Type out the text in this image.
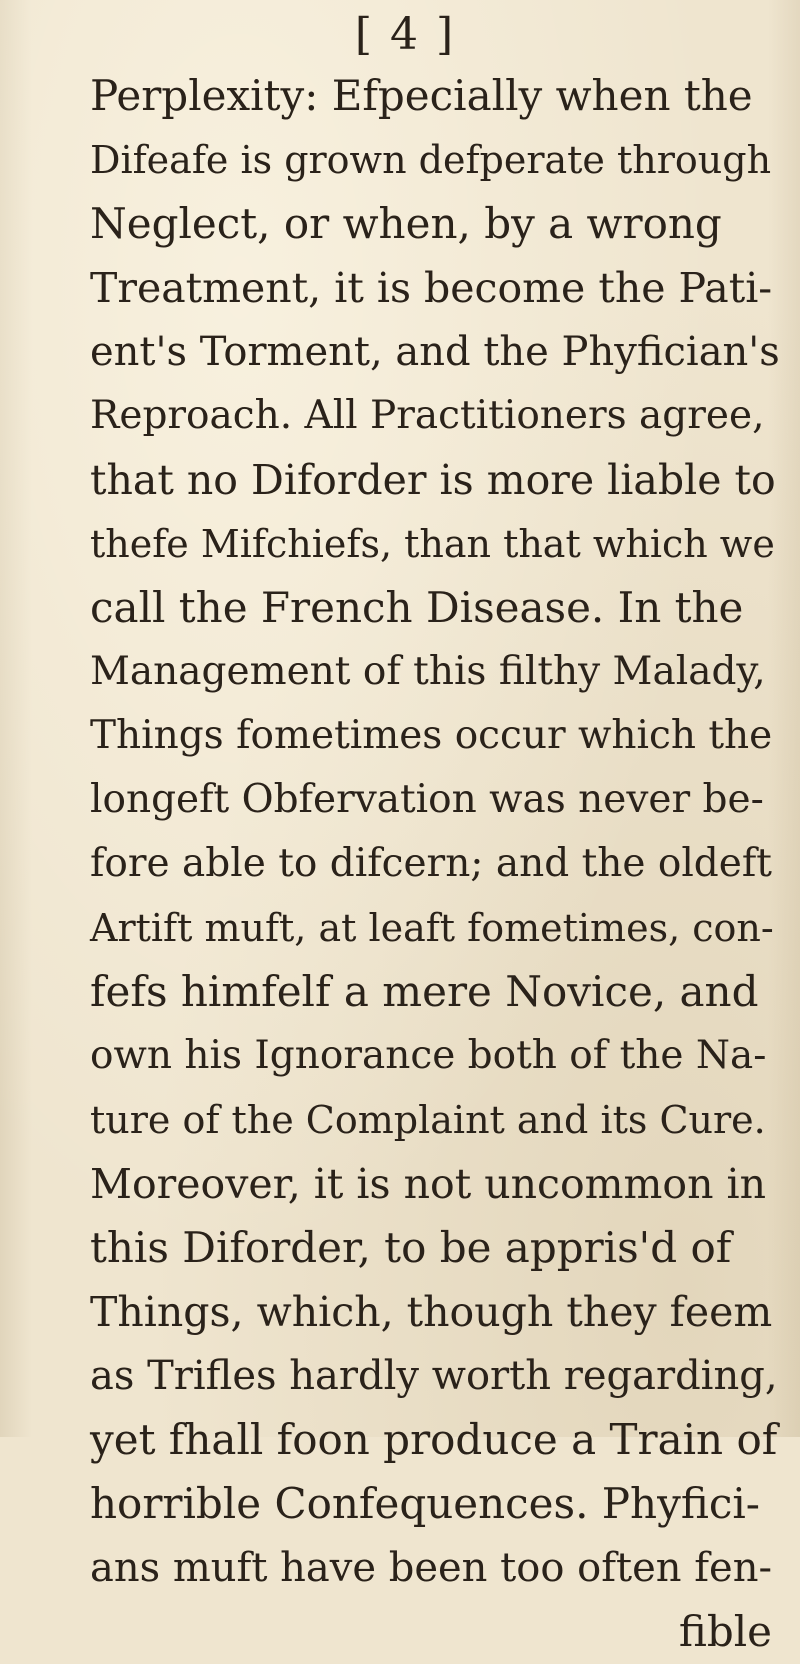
[ 4 ]
Perplexity: Efpecially when the
Difeafe is grown defperate through
Neglect, or when, by a wrong
Treatment, it is become the Pati-
ent's Torment, and the Phyfician's
Reproach. All Practitioners agree,
that no Diforder is more liable to
thefe Mifchiefs, than that which we
call the French Disease. In the
Management of this filthy Malady,
Things fometimes occur which the
longeft Obfervation was never be-
fore able to difcern; and the oldeft
Artift muft, at leaft fometimes, con-
fefs himfelf a mere Novice, and
own his Ignorance both of the Na-
ture of the Complaint and its Cure.
Moreover, it is not uncommon in
this Diforder, to be appris'd of
Things, which, though they feem
as Trifles hardly worth regarding,
yet fhall foon produce a Train of
horrible Confequences. Phyfici-
ans muft have been too often fen-
fible
